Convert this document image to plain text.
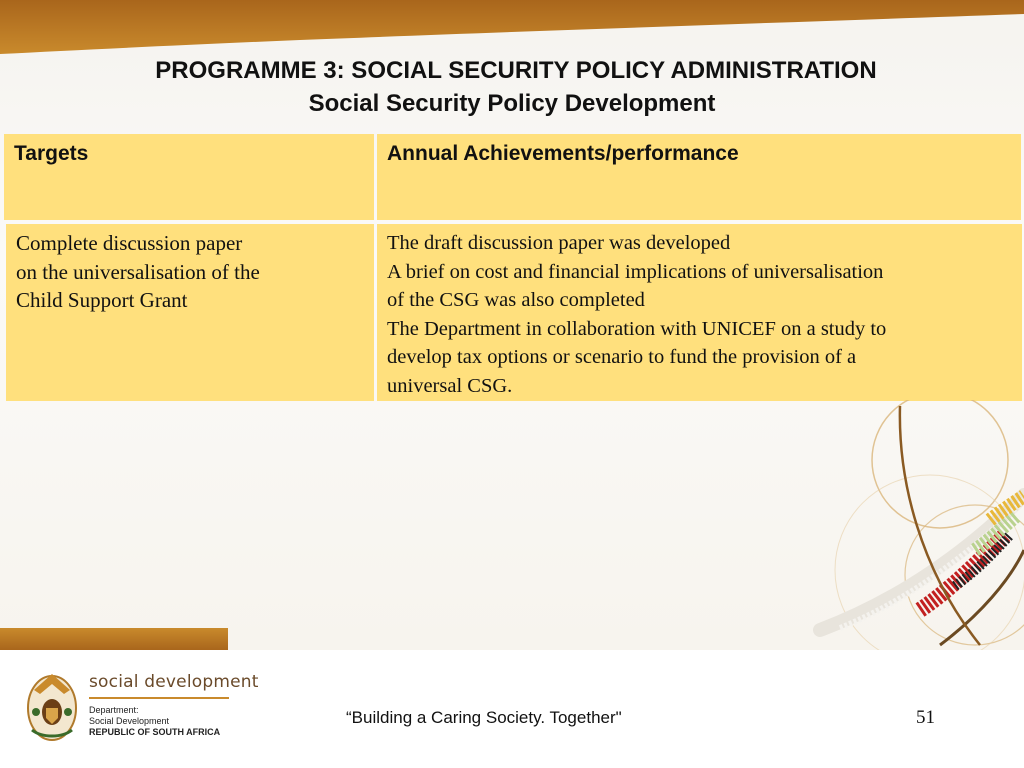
PROGRAMME 3: SOCIAL SECURITY POLICY ADMINISTRATION
Social Security Policy Development
Targets	Annual Achievements/performance

Complete discussion paper

on the universalisation of the

Child Support Grant

The draft discussion paper was developed

A brief on cost and financial implications of universalisation

of the CSG was also completed

The Department in collaboration with UNICEF on a study to

develop tax options or scenario to fund the provision of a

universal CSG.

social development
Department:
Social Development
REPUBLIC OF SOUTH AFRICA
“Building a Caring Society. Together"	51
